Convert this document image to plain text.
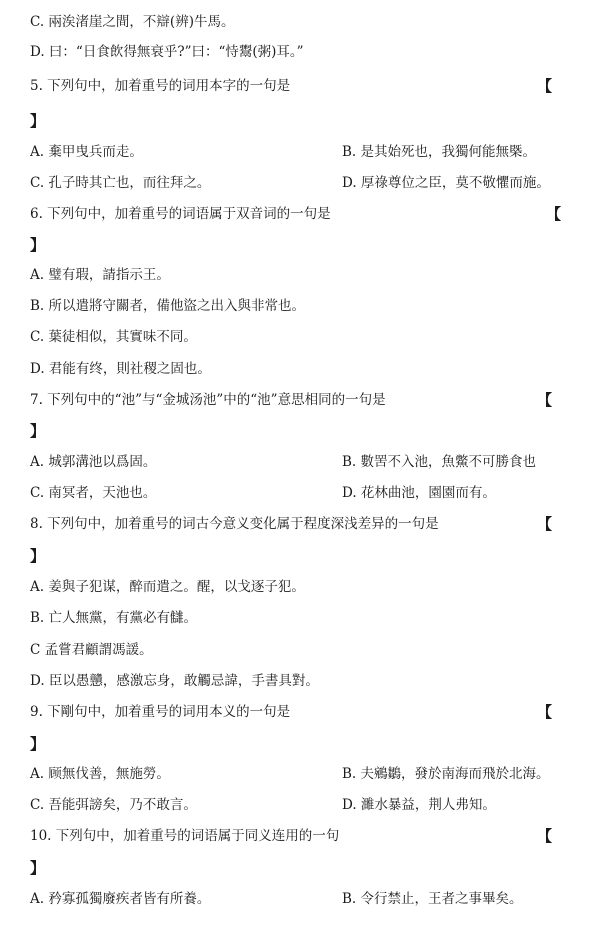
C. 兩涘渚崖之間，不辯(辨)牛馬。
D. 曰：“日食飲得無衰乎?”曰：“恃鬻(粥)耳。”
5. 下列句中，加着重号的词用本字的一句是	【
】
A. 棄甲曳兵而走。	B. 是其始死也，我獨何能無槩。
C. 孔子時其亡也，而往拜之。	D. 厚祿尊位之臣，莫不敬懼而施。
6. 下列句中，加着重号的词语属于双音词的一句是	【
】
A. 璧有瑕，請指示王。
B. 所以遣將守關者，備他盜之出入與非常也。
C. 葉徒相似，其實味不同。
D. 君能有终，則社稷之固也。
7. 下列句中的“池”与“金城汤池”中的“池”意思相同的一句是	【
】
A. 城郭溝池以爲固。	B. 數罟不入池，魚鱉不可勝食也
C. 南冥者，天池也。	D. 花林曲池，園園而有。
8. 下列句中，加着重号的词古今意义变化属于程度深浅差异的一句是	【
】
A. 姜與子犯谋，醉而遣之。醒，以戈逐子犯。
B. 亡人無黨，有黨必有讎。
C 孟嘗君顧謂馮諼。
D. 臣以愚戇，感激忘身，敢觸忌諱，手書具對。
9. 下剛句中，加着重号的词用本义的一句是	【
】
A. 顾無伐善，無施勞。	B. 夫鵷鶵，發於南海而飛於北海。
C. 吾能弭謗矣，乃不敢言。	D. 濉水暴益，荆人弗知。
10. 下列句中，加着重号的词语属于同义连用的一句	【
】
A. 矜寡孤獨廢疾者皆有所養。	B. 令行禁止，王者之事畢矣。
